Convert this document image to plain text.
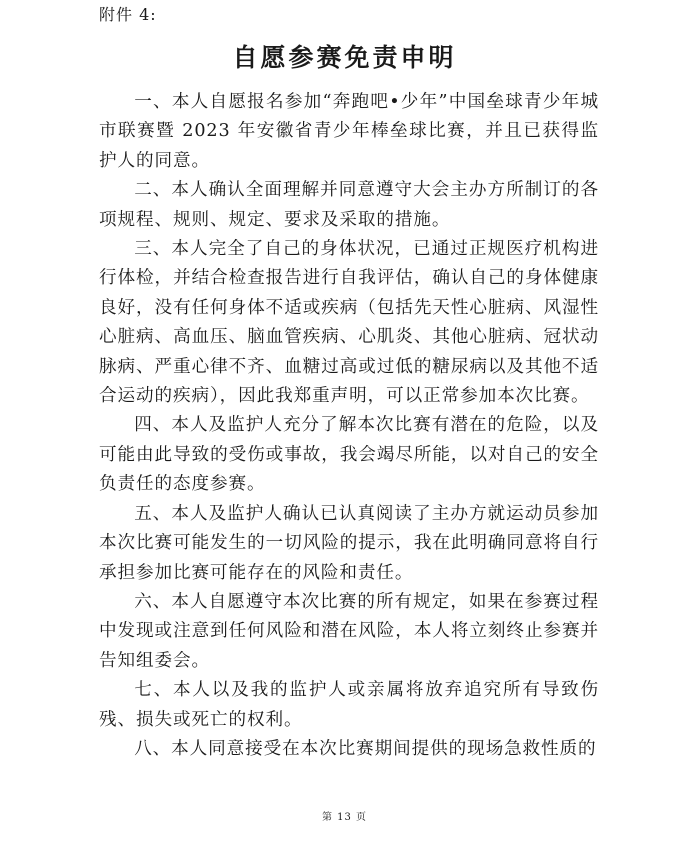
附件 4:
自愿参赛免责申明

一、本人自愿报名参加“奔跑吧•少年”中国垒球青少年城市联赛暨 2023 年安徽省青少年棒垒球比赛，并且已获得监护人的同意。

二、本人确认全面理解并同意遵守大会主办方所制订的各项规程、规则、规定、要求及采取的措施。

三、本人完全了自己的身体状况，已通过正规医疗机构进行体检，并结合检查报告进行自我评估，确认自己的身体健康良好，没有任何身体不适或疾病（包括先天性心脏病、风湿性心脏病、高血压、脑血管疾病、心肌炎、其他心脏病、冠状动脉病、严重心律不齐、血糖过高或过低的糖尿病以及其他不适合运动的疾病），因此我郑重声明，可以正常参加本次比赛。

四、本人及监护人充分了解本次比赛有潜在的危险，以及可能由此导致的受伤或事故，我会竭尽所能，以对自己的安全负责任的态度参赛。

五、本人及监护人确认已认真阅读了主办方就运动员参加本次比赛可能发生的一切风险的提示，我在此明确同意将自行承担参加比赛可能存在的风险和责任。

六、本人自愿遵守本次比赛的所有规定，如果在参赛过程中发现或注意到任何风险和潜在风险，本人将立刻终止参赛并告知组委会。

七、本人以及我的监护人或亲属将放弃追究所有导致伤残、损失或死亡的权利。

八、本人同意接受在本次比赛期间提供的现场急救性质的

第 13 页
